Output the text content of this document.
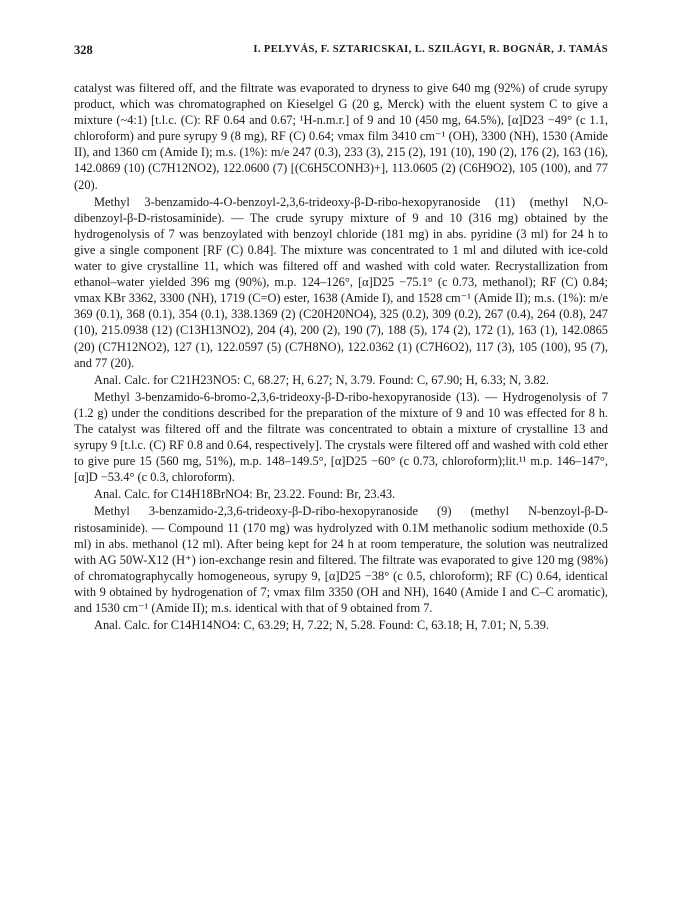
328	I. PELYVÁS, F. SZTARICSKAI, L. SZILÁGYI, R. BOGNÁR, J. TAMÁS

catalyst was filtered off, and the filtrate was evaporated to dryness to give 640 mg (92%) of crude syrupy product, which was chromatographed on Kieselgel G (20 g, Merck) with the eluent system C to give a mixture (~4:1) [t.l.c. (C): RF 0.64 and 0.67; ¹H-n.m.r.] of 9 and 10 (450 mg, 64.5%), [α]D23 −49° (c 1.1, chloroform) and pure syrupy 9 (8 mg), RF (C) 0.64; νmax film 3410 cm⁻¹ (OH), 3300 (NH), 1530 (Amide II), and 1360 cm (Amide I); m.s. (1%): m/e 247 (0.3), 233 (3), 215 (2), 191 (10), 190 (2), 176 (2), 163 (16), 142.0869 (10) (C7H12NO2), 122.0600 (7) [(C6H5CONH3)+], 113.0605 (2) (C6H9O2), 105 (100), and 77 (20).

Methyl 3-benzamido-4-O-benzoyl-2,3,6-trideoxy-β-D-ribo-hexopyranoside (11) (methyl N,O-dibenzoyl-β-D-ristosaminide). — The crude syrupy mixture of 9 and 10 (316 mg) obtained by the hydrogenolysis of 7 was benzoylated with benzoyl chloride (181 mg) in abs. pyridine (3 ml) for 24 h to give a single component [RF (C) 0.84]. The mixture was concentrated to 1 ml and diluted with ice-cold water to give crystalline 11, which was filtered off and washed with cold water. Recrystallization from ethanol–water yielded 396 mg (90%), m.p. 124–126°, [α]D25 −75.1° (c 0.73, methanol); RF (C) 0.84; νmax KBr 3362, 3300 (NH), 1719 (C=O) ester, 1638 (Amide I), and 1528 cm⁻¹ (Amide II); m.s. (1%): m/e 369 (0.1), 368 (0.1), 354 (0.1), 338.1369 (2) (C20H20NO4), 325 (0.2), 309 (0.2), 267 (0.4), 264 (0.8), 247 (10), 215.0938 (12) (C13H13NO2), 204 (4), 200 (2), 190 (7), 188 (5), 174 (2), 172 (1), 163 (1), 142.0865 (20) (C7H12NO2), 127 (1), 122.0597 (5) (C7H8NO), 122.0362 (1) (C7H6O2), 117 (3), 105 (100), 95 (7), and 77 (20).

Anal. Calc. for C21H23NO5: C, 68.27; H, 6.27; N, 3.79. Found: C, 67.90; H, 6.33; N, 3.82.

Methyl 3-benzamido-6-bromo-2,3,6-trideoxy-β-D-ribo-hexopyranoside (13). — Hydrogenolysis of 7 (1.2 g) under the conditions described for the preparation of the mixture of 9 and 10 was effected for 8 h. The catalyst was filtered off and the filtrate was concentrated to obtain a mixture of crystalline 13 and syrupy 9 [t.l.c. (C) RF 0.8 and 0.64, respectively]. The crystals were filtered off and washed with cold ether to give pure 15 (560 mg, 51%), m.p. 148–149.5°, [α]D25 −60° (c 0.73, chloroform);lit.¹¹ m.p. 146–147°, [α]D −53.4° (c 0.3, chloroform).

Anal. Calc. for C14H18BrNO4: Br, 23.22. Found: Br, 23.43.

Methyl 3-benzamido-2,3,6-trideoxy-β-D-ribo-hexopyranoside (9) (methyl N-benzoyl-β-D-ristosaminide). — Compound 11 (170 mg) was hydrolyzed with 0.1M methanolic sodium methoxide (0.5 ml) in abs. methanol (12 ml). After being kept for 24 h at room temperature, the solution was neutralized with AG 50W-X12 (H⁺) ion-exchange resin and filtered. The filtrate was evaporated to give 120 mg (98%) of chromatographycally homogeneous, syrupy 9, [α]D25 −38° (c 0.5, chloroform); RF (C) 0.64, identical with 9 obtained by hydrogenation of 7; νmax film 3350 (OH and NH), 1640 (Amide I and C–C aromatic), and 1530 cm⁻¹ (Amide II); m.s. identical with that of 9 obtained from 7.

Anal. Calc. for C14H14NO4: C, 63.29; H, 7.22; N, 5.28. Found: C, 63.18; H, 7.01; N, 5.39.
